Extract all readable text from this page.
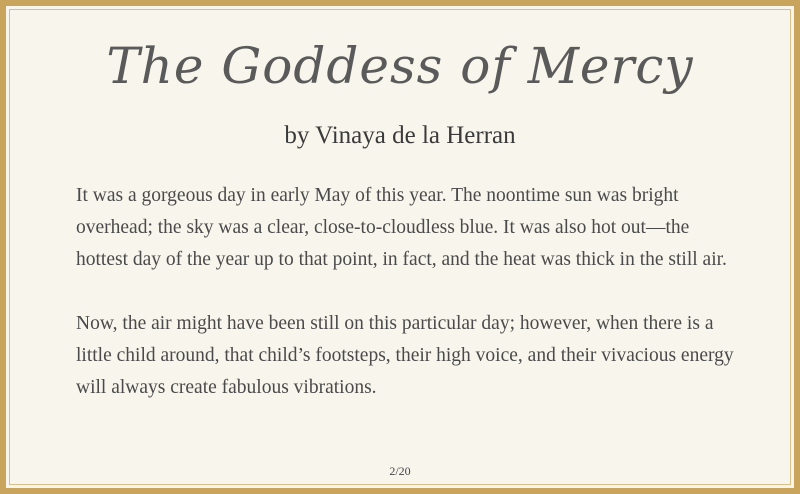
The Goddess of Mercy
by Vinaya de la Herran

It was a gorgeous day in early May of this year. The noontime sun was bright overhead; the sky was a clear, close-to-cloudless blue. It was also hot out—the hottest day of the year up to that point, in fact, and the heat was thick in the still air.

Now, the air might have been still on this particular day; however, when there is a little child around, that child’s footsteps, their high voice, and their vivacious energy will always create fabulous vibrations.

2/20
